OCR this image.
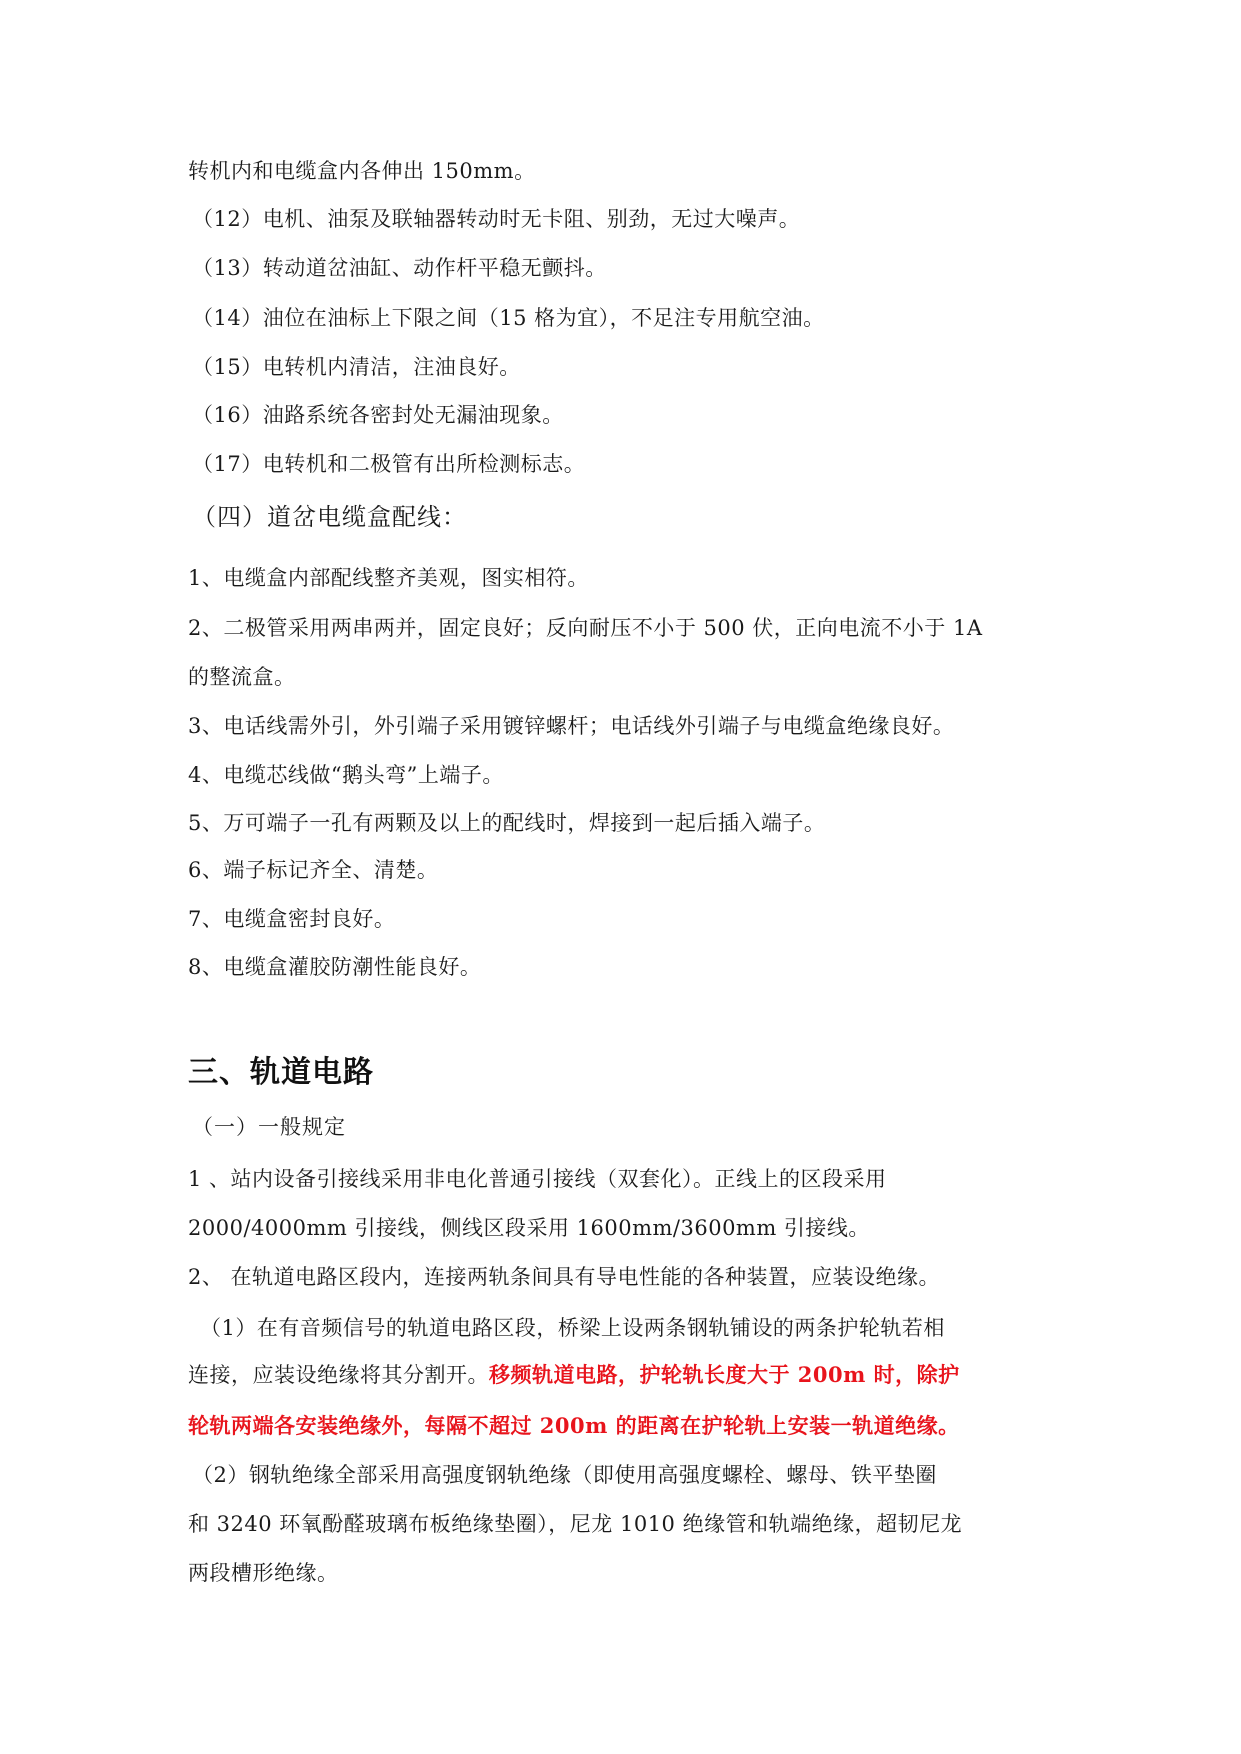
转机内和电缆盒内各伸出 150mm。
（12）电机、油泵及联轴器转动时无卡阻、别劲，无过大噪声。
（13）转动道岔油缸、动作杆平稳无颤抖。
（14）油位在油标上下限之间（15 格为宜），不足注专用航空油。
（15）电转机内清洁，注油良好。
（16）油路系统各密封处无漏油现象。
（17）电转机和二极管有出所检测标志。
（四）道岔电缆盒配线：
1、电缆盒内部配线整齐美观，图实相符。
2、二极管采用两串两并，固定良好；反向耐压不小于 500 伏，正向电流不小于 1A
的整流盒。
3、电话线需外引，外引端子采用镀锌螺杆；电话线外引端子与电缆盒绝缘良好。
4、电缆芯线做“鹅头弯”上端子。
5、万可端子一孔有两颗及以上的配线时，焊接到一起后插入端子。
6、端子标记齐全、清楚。
7、电缆盒密封良好。
8、电缆盒灌胶防潮性能良好。
三、轨道电路
（一）一般规定
1 、站内设备引接线采用非电化普通引接线（双套化）。正线上的区段采用
2000/4000mm 引接线，侧线区段采用 1600mm/3600mm 引接线。
2、 在轨道电路区段内，连接两轨条间具有导电性能的各种装置，应装设绝缘。
（1）在有音频信号的轨道电路区段，桥梁上设两条钢轨铺设的两条护轮轨若相
连接，应装设绝缘将其分割开。移频轨道电路，护轮轨长度大于 200m 时，除护
轮轨两端各安装绝缘外，每隔不超过 200m 的距离在护轮轨上安装一轨道绝缘。
（2）钢轨绝缘全部采用高强度钢轨绝缘（即使用高强度螺栓、螺母、铁平垫圈
和 3240 环氧酚醛玻璃布板绝缘垫圈），尼龙 1010 绝缘管和轨端绝缘，超韧尼龙
两段槽形绝缘。
